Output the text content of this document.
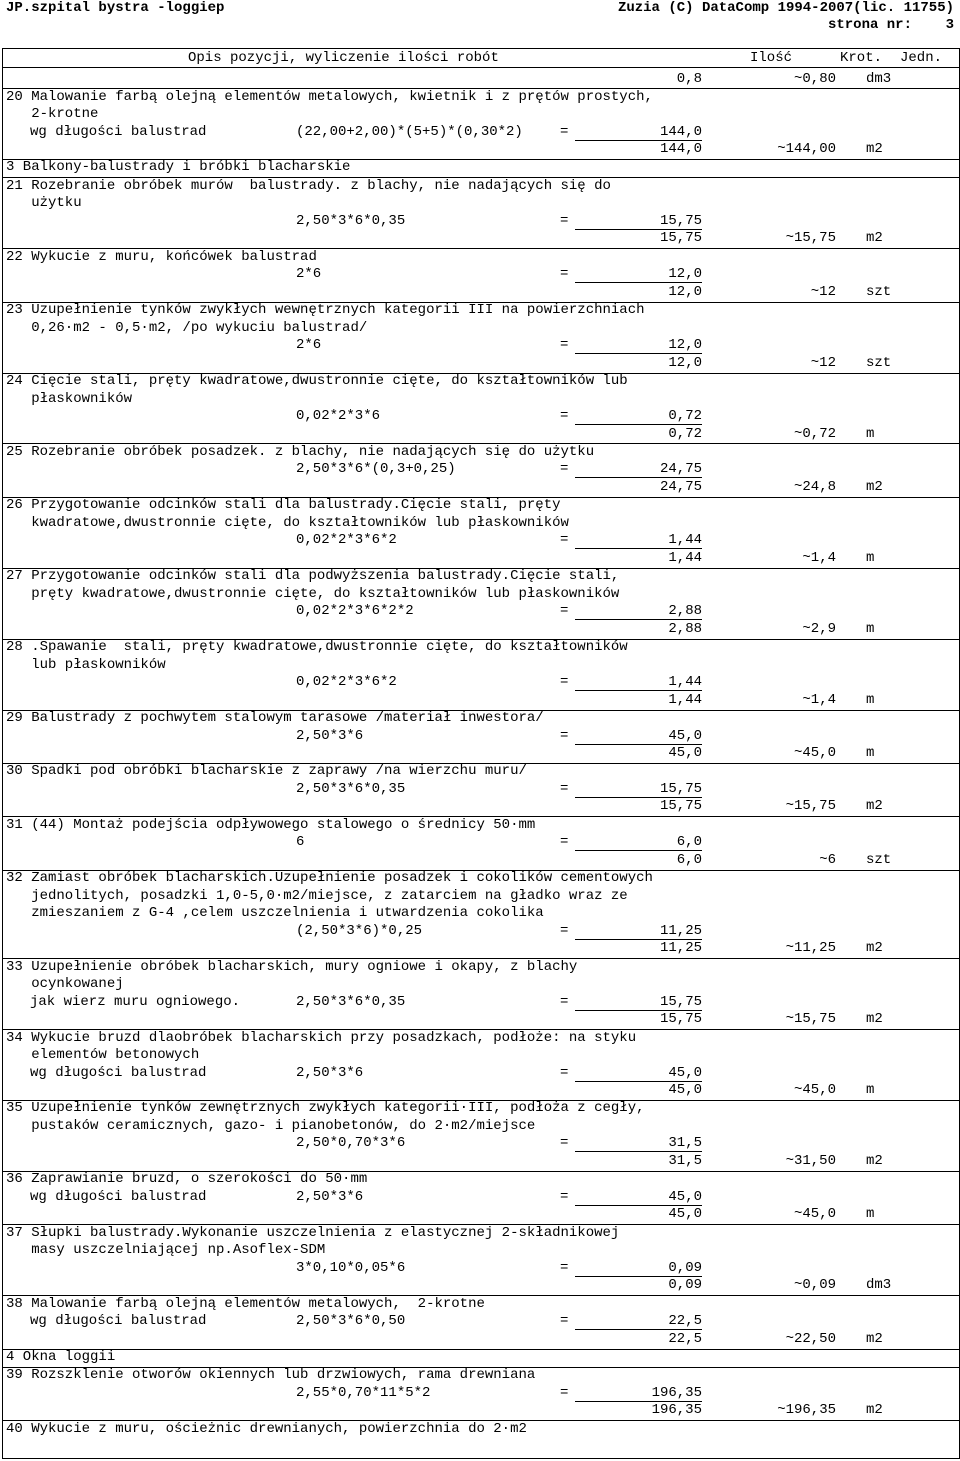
JP.szpital bystra -loggiep	Zuzia (C) DataComp 1994-2007(lic. 11755)
strona nr: 3
Opis pozycji, wyliczenie ilości robót	Ilość	Krot. Jedn.
0,8	~0,80 dm3
20 Malowanie farbą olejną elementów metalowych, kwietnik i z prętów prostych,
2-krotne
wg długości balustrad	(22,00+2,00)*(5+5)*(0,30*2)	=	144,0
144,0	~144,00 m2
3 Balkony-balustrady i bróbki blacharskie
21 Rozebranie obróbek murów  balustrady. z blachy, nie nadających się do
użytku
2,50*3*6*0,35	=	15,75
15,75	~15,75 m2
22 Wykucie z muru, końcówek balustrad
2*6	=	12,0
12,0	~12 szt
23 Uzupełnienie tynków zwykłych wewnętrznych kategorii III na powierzchniach
0,26·m2 - 0,5·m2, /po wykuciu balustrad/
2*6	=	12,0
12,0	~12 szt
24 Cięcie stali, pręty kwadratowe,dwustronnie cięte, do kształtowników lub
płaskowników
0,02*2*3*6	=	0,72
0,72	~0,72 m
25 Rozebranie obróbek posadzek. z blachy, nie nadających się do użytku
2,50*3*6*(0,3+0,25)	=	24,75
24,75	~24,8 m2
26 Przygotowanie odcinków stali dla balustrady.Cięcie stali, pręty
kwadratowe,dwustronnie cięte, do kształtowników lub płaskowników
0,02*2*3*6*2	=	1,44
1,44	~1,4 m
27 Przygotowanie odcinków stali dla podwyższenia balustrady.Cięcie stali,
pręty kwadratowe,dwustronnie cięte, do kształtowników lub płaskowników
0,02*2*3*6*2*2	=	2,88
2,88	~2,9 m
28 .Spawanie  stali, pręty kwadratowe,dwustronnie cięte, do kształtowników
lub płaskowników
0,02*2*3*6*2	=	1,44
1,44	~1,4 m
29 Balustrady z pochwytem stalowym tarasowe /materiał inwestora/
2,50*3*6	=	45,0
45,0	~45,0 m
30 Spadki pod obróbki blacharskie z zaprawy /na wierzchu muru/
2,50*3*6*0,35	=	15,75
15,75	~15,75 m2
31 (44) Montaż podejścia odpływowego stalowego o średnicy 50·mm
6	=	6,0
6,0	~6 szt
32 Zamiast obróbek blacharskich.Uzupełnienie posadzek i cokolików cementowych
jednolitych, posadzki 1,0-5,0·m2/miejsce, z zatarciem na gładko wraz ze
zmieszaniem z G-4 ,celem uszczelnienia i utwardzenia cokolika
(2,50*3*6)*0,25	=	11,25
11,25	~11,25 m2
33 Uzupełnienie obróbek blacharskich, mury ogniowe i okapy, z blachy
ocynkowanej
jak wierz muru ogniowego.	2,50*3*6*0,35	=	15,75
15,75	~15,75 m2
34 Wykucie bruzd dlaobróbek blacharskich przy posadzkach, podłoże: na styku
elementów betonowych
wg długości balustrad	2,50*3*6	=	45,0
45,0	~45,0 m
35 Uzupełnienie tynków zewnętrznych zwykłych kategorii·III, podłoża z cegły,
pustaków ceramicznych, gazo- i pianobetonów, do 2·m2/miejsce
2,50*0,70*3*6	=	31,5
31,5	~31,50 m2
36 Zaprawianie bruzd, o szerokości do 50·mm
wg długości balustrad	2,50*3*6	=	45,0
45,0	~45,0 m
37 Słupki balustrady.Wykonanie uszczelnienia z elastycznej 2-składnikowej
masy uszczelniającej np.Asoflex-SDM
3*0,10*0,05*6	=	0,09
0,09	~0,09 dm3
38 Malowanie farbą olejną elementów metalowych,  2-krotne
wg długości balustrad	2,50*3*6*0,50	=	22,5
22,5	~22,50 m2
4 Okna loggii
39 Rozszklenie otworów okiennych lub drzwiowych, rama drewniana
2,55*0,70*11*5*2	=	196,35
196,35	~196,35 m2
40 Wykucie z muru, ościeżnic drewnianych, powierzchnia do 2·m2
